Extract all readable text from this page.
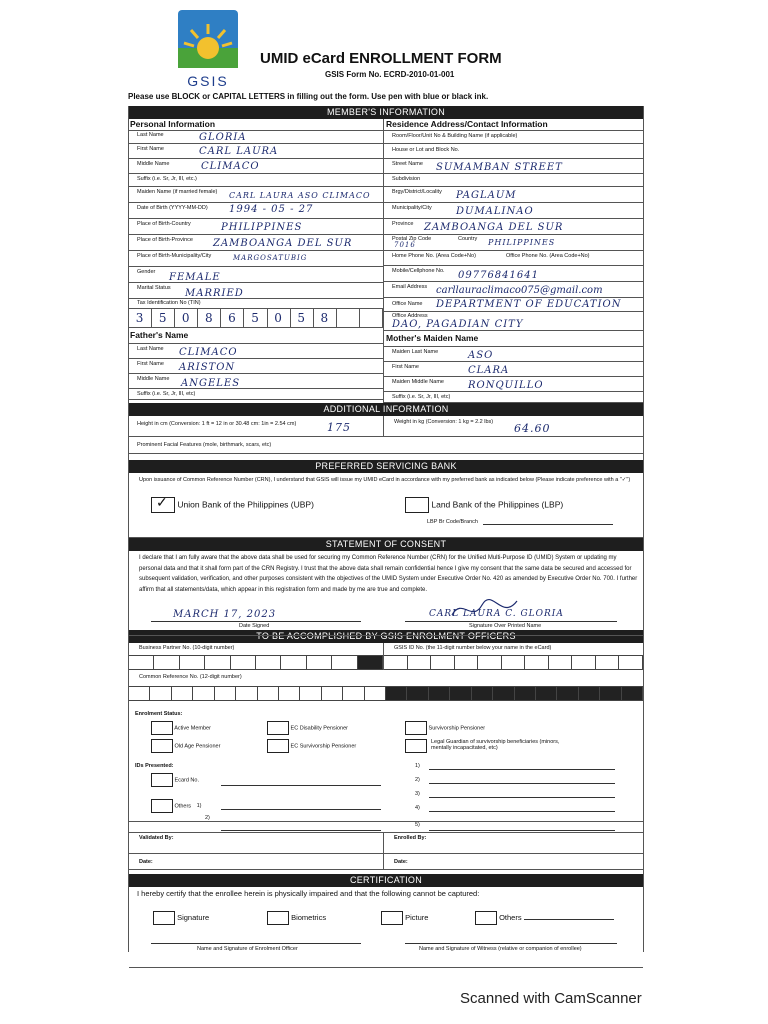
GSIS
UMID eCard ENROLLMENT FORM
GSIS Form No. ECRD-2010-01-001
Please use BLOCK or CAPITAL LETTERS in filling out the form. Use pen with blue or black ink.
MEMBER'S INFORMATION
Personal Information
Last Name	GLORIA
First Name	CARL LAURA
Middle Name	CLIMACO
Suffix (i.e. Sr, Jr, III, etc.)
Maiden Name (if married female) CARL LAURA ASO CLIMACO
Date of Birth (YYYY-MM-DD) 1994 - 05 - 27
Place of Birth-Country	PHILIPPINES
Place of Birth-Province ZAMBOANGA DEL SUR
Place of Birth-Municipality/City	MARGOSATUBIG
Gender FEMALE
Marital Status MARRIED
Tax Identification No (TIN)
3	5	0	8	6	5	0	5	8
Father's Name
Last Name CLIMACO
First Name ARISTON
Middle Name ANGELES
Suffix (i.e. Sr, Jr, III, etc)
Residence Address/Contact Information
Room/Floor/Unit No & Building Name (if applicable)
House or Lot and Block No.
Street Name SUMAMBAN STREET
Subdivision
Brgy/District/Locality PAGLAUM
Municipality/City DUMALINAO
Province ZAMBOANGA DEL SUR
Postal Zip Code
7016
Country PHILIPPINES
Home Phone No. (Area Code+No)	Office Phone No. (Area Code+No)
Mobile/Cellphone No. 09776841641
Email Address carllauraclimaco075@gmail.com
Office Name DEPARTMENT OF EDUCATION
Office Address
DAO, PAGADIAN CITY
Mother's Maiden Name
Maiden Last Name	ASO
First Name	CLARA
Maiden Middle Name RONQUILLO
Suffix (i.e. Sr, Jr, III, etc)
ADDITIONAL INFORMATION
Height in cm (Conversion: 1 ft = 12 in or 30.48 cm: 1in = 2.54 cm)	175	Weight in kg (Conversion: 1 kg = 2.2 lbs) 64.60
Prominent Facial Features (mole, birthmark, scars, etc)
PREFERRED SERVICING BANK
Upon issuance of Common Reference Number (CRN), I understand that GSIS will issue my UMID eCard in accordance with my preferred bank as indicated below (Please indicate preference with a "✓")
✓ Union Bank of the Philippines (UBP)	Land Bank of the Philippines (LBP)
LBP Br Code/Branch
STATEMENT OF CONSENT
I declare that I am fully aware that the above data shall be used for securing my Common Reference Number (CRN) for the Unified Multi-Purpose ID (UMID) System or updating my personal data and that it shall form part of the CRN Registry. I trust that the above data shall remain confidential hence I give my consent that the same data be secured and accessed for subsequent validation, verification, and other purposes consistent with the objectives of the UMID System under Executive Order No. 420 as amended by Executive Order No. 700. I further affirm that all statements/data, which appear in this registration form and made by me are true and complete.
MARCH 17, 2023
Date Signed
CARL LAURA C. GLORIA
Signature Over Printed Name
TO BE ACCOMPLISHED BY GSIS ENROLMENT OFFICERS
Business Partner No. (10-digit number)	GSIS ID No. (the 11-digit number below your name in the eCard)
Common Reference No. (12-digit number)
Enrolment Status:
Active Member	EC Disability Pensioner	Survivorship Pensioner
Old Age Pensioner	EC Survivorship Pensioner
Legal Guardian of survivorship beneficiaries (minors, mentally incapacitated, etc)
IDs Presented:
Ecard No.
Others 1)
2)
1)
2)
3)
4)
5)
Validated By:
Date:
Enrolled By:
Date:
CERTIFICATION
I hereby certify that the enrollee herein is physically impaired and that the following cannot be captured:
Signature	Biometrics	Picture	Others
Name and Signature of Enrolment Officer	Name and Signature of Witness (relative or companion of enrollee)
Scanned with CamScanner
